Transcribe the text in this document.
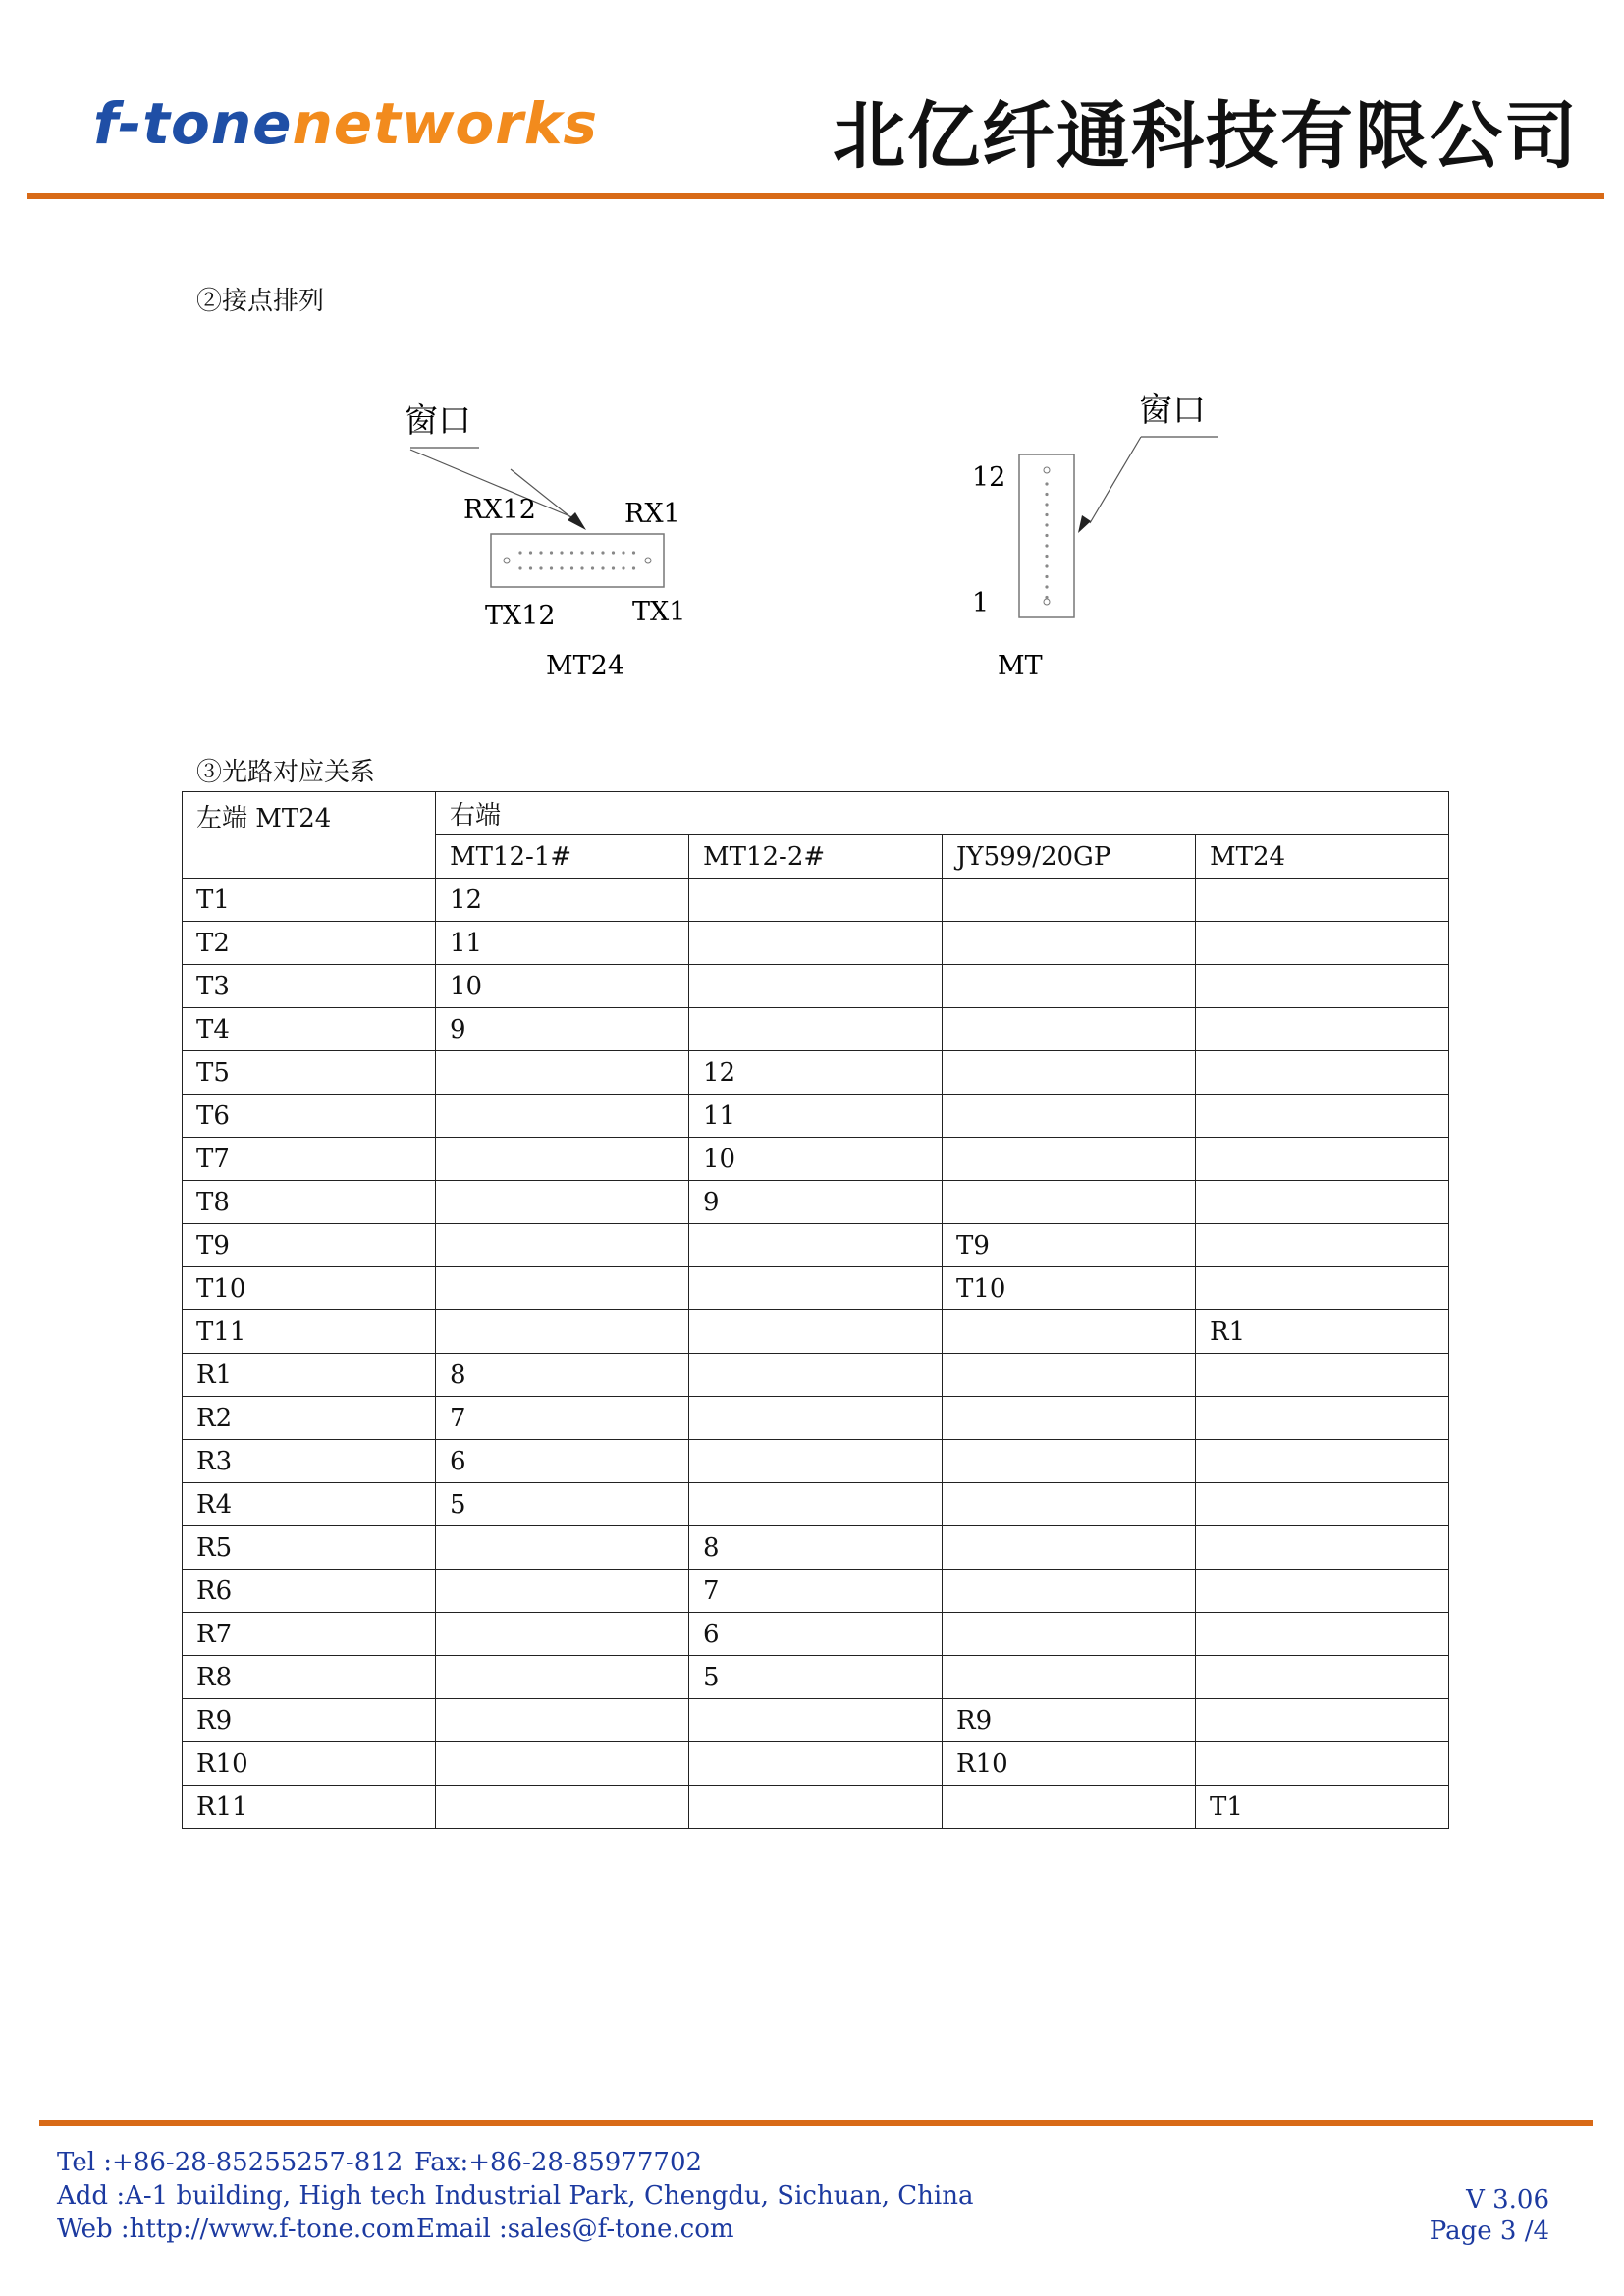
f-tonenetworks	北亿纤通科技有限公司
②接点排列
窗口
RX12	RX1
TX12	TX1
MT24
窗口
12
1
MT
③光路对应关系
左端 MT24	右端			
	MT12-1#	MT12-2#	JY599/20GP	MT24
T1	12			
T2	11			
T3	10			
T4	9			
T5		12		
T6		11		
T7		10		
T8		9		
T9			T9	
T10			T10	
T11				R1
R1	8			
R2	7			
R3	6			
R4	5			
R5		8		
R6		7		
R7		6		
R8		5		
R9			R9	
R10			R10	
R11				T1
Tel :+86-28-85255257-812 Fax:+86-28-85977702
Add :A-1 building, High tech Industrial Park, Chengdu, Sichuan, China
Web :http://www.f-tone.com Email :sales@f-tone.com
V 3.06
Page 3 /4
